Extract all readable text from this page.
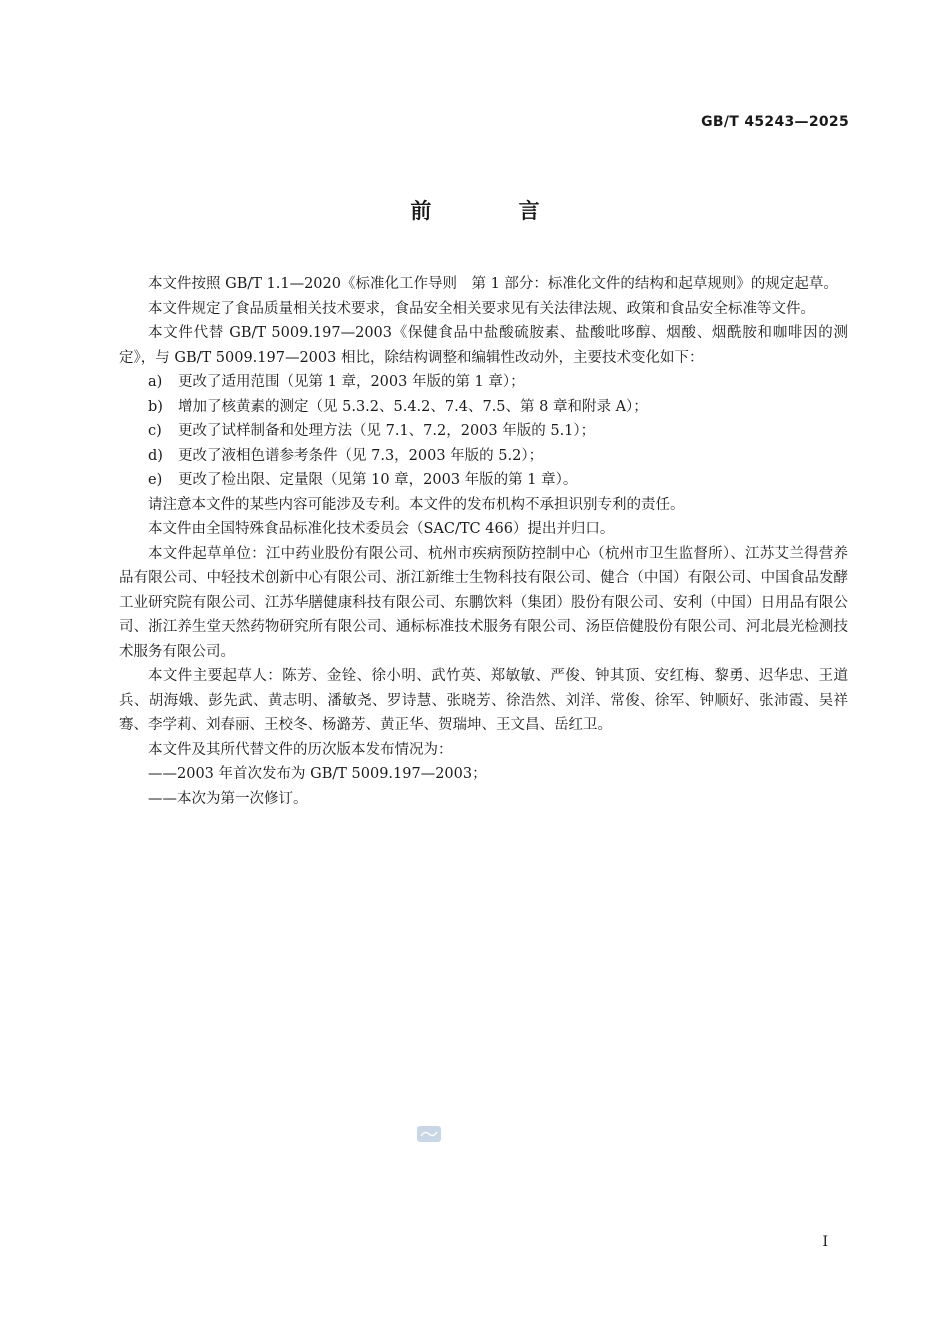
GB/T 45243—2025
前 言

本文件按照 GB/T 1.1—2020《标准化工作导则　第 1 部分：标准化文件的结构和起草规则》的规定起草。

本文件规定了食品质量相关技术要求，食品安全相关要求见有关法律法规、政策和食品安全标准等文件。

本文件代替 GB/T 5009.197—2003《保健食品中盐酸硫胺素、盐酸吡哆醇、烟酸、烟酰胺和咖啡因的测定》，与 GB/T 5009.197—2003 相比，除结构调整和编辑性改动外，主要技术变化如下：

a) 更改了适用范围（见第 1 章，2003 年版的第 1 章）；

b) 增加了核黄素的测定（见 5.3.2、5.4.2、7.4、7.5、第 8 章和附录 A）；

c) 更改了试样制备和处理方法（见 7.1、7.2，2003 年版的 5.1）；

d) 更改了液相色谱参考条件（见 7.3，2003 年版的 5.2）；

e) 更改了检出限、定量限（见第 10 章，2003 年版的第 1 章）。

请注意本文件的某些内容可能涉及专利。本文件的发布机构不承担识别专利的责任。

本文件由全国特殊食品标准化技术委员会（SAC/TC 466）提出并归口。

本文件起草单位：江中药业股份有限公司、杭州市疾病预防控制中心（杭州市卫生监督所）、江苏艾兰得营养品有限公司、中轻技术创新中心有限公司、浙江新维士生物科技有限公司、健合（中国）有限公司、中国食品发酵工业研究院有限公司、江苏华膳健康科技有限公司、东鹏饮料（集团）股份有限公司、安利（中国）日用品有限公司、浙江养生堂天然药物研究所有限公司、通标标准技术服务有限公司、汤臣倍健股份有限公司、河北晨光检测技术服务有限公司。

本文件主要起草人：陈芳、金铨、徐小明、武竹英、郑敏敏、严俊、钟其顶、安红梅、黎勇、迟华忠、王道兵、胡海娥、彭先武、黄志明、潘敏尧、罗诗慧、张晓芳、徐浩然、刘洋、常俊、徐军、钟顺好、张沛霞、吴祥骞、李学莉、刘春丽、王校冬、杨潞芳、黄正华、贺瑞坤、王文昌、岳红卫。

本文件及其所代替文件的历次版本发布情况为：

——2003 年首次发布为 GB/T 5009.197—2003；

——本次为第一次修订。

I
